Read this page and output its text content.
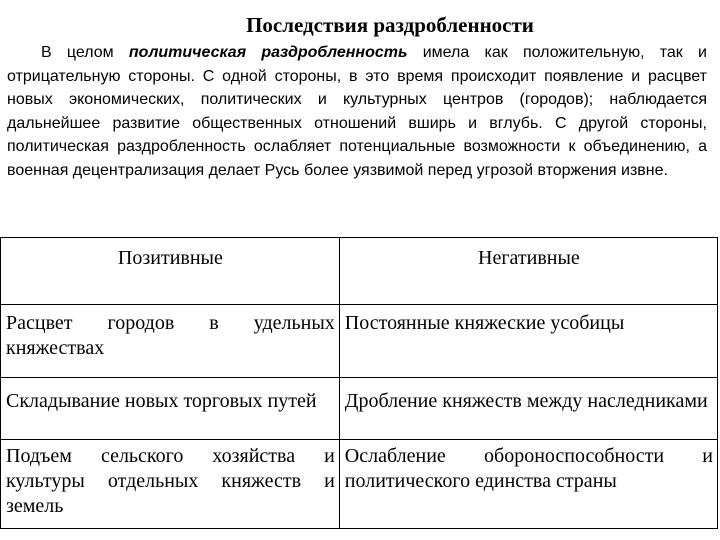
Последствия раздробленности

В целом политическая раздробленность имела как положительную, так и отрицательную стороны. С одной стороны, в это время происходит появление и расцвет новых экономических, политических и культурных центров (городов); наблюдается дальнейшее развитие общественных отношений вширь и вглубь. С другой стороны, политическая раздробленность ослабляет потенциальные возможности к объединению, а военная децентрализация делает Русь более уязвимой перед угрозой вторжения извне.

Позитивные	Негативные
Расцвет городов в удельных княжествах	Постоянные княжеские усобицы
Складывание новых торговых путей	Дробление княжеств между наследниками
Подъем сельского хозяйства и культуры отдельных княжеств и земель	Ослабление обороноспособности и политического единства страны
